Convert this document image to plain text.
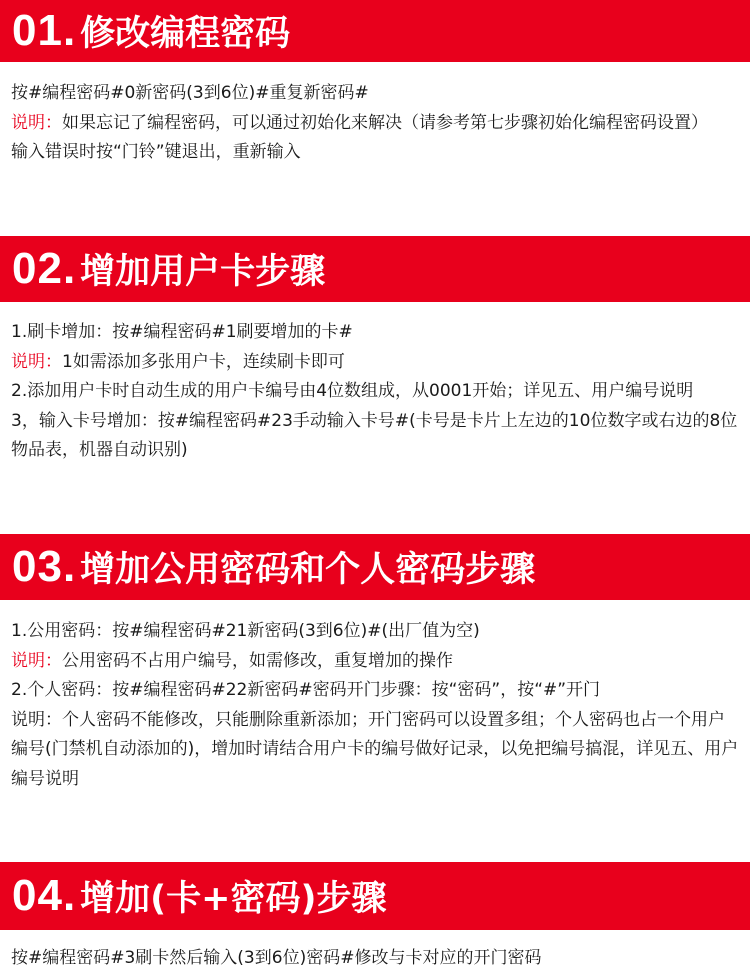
01. 修改编程密码

按#编程密码#0新密码(3到6位)#重复新密码#

说明：如果忘记了编程密码，可以通过初始化来解决（请参考第七步骤初始化编程密码设置）

输入错误时按“门铃”键退出，重新输入

02. 增加用户卡步骤

1.刷卡增加：按#编程密码#1刷要增加的卡#

说明：1如需添加多张用户卡，连续刷卡即可

2.添加用户卡时自动生成的用户卡编号由4位数组成，从0001开始；详见五、用户编号说明

3，输入卡号增加：按#编程密码#23手动输入卡号#(卡号是卡片上左边的10位数字或右边的8位物品表，机器自动识别)

03. 增加公用密码和个人密码步骤

1.公用密码：按#编程密码#21新密码(3到6位)#(出厂值为空)

说明：公用密码不占用户编号，如需修改，重复增加的操作

2.个人密码：按#编程密码#22新密码#密码开门步骤：按“密码”，按“#”开门

说明：个人密码不能修改，只能删除重新添加；开门密码可以设置多组；个人密码也占一个用户

编号(门禁机自动添加的)，增加时请结合用户卡的编号做好记录，以免把编号搞混，详见五、用户编号说明

04. 增加(卡+密码)步骤

按#编程密码#3刷卡然后输入(3到6位)密码#修改与卡对应的开门密码
